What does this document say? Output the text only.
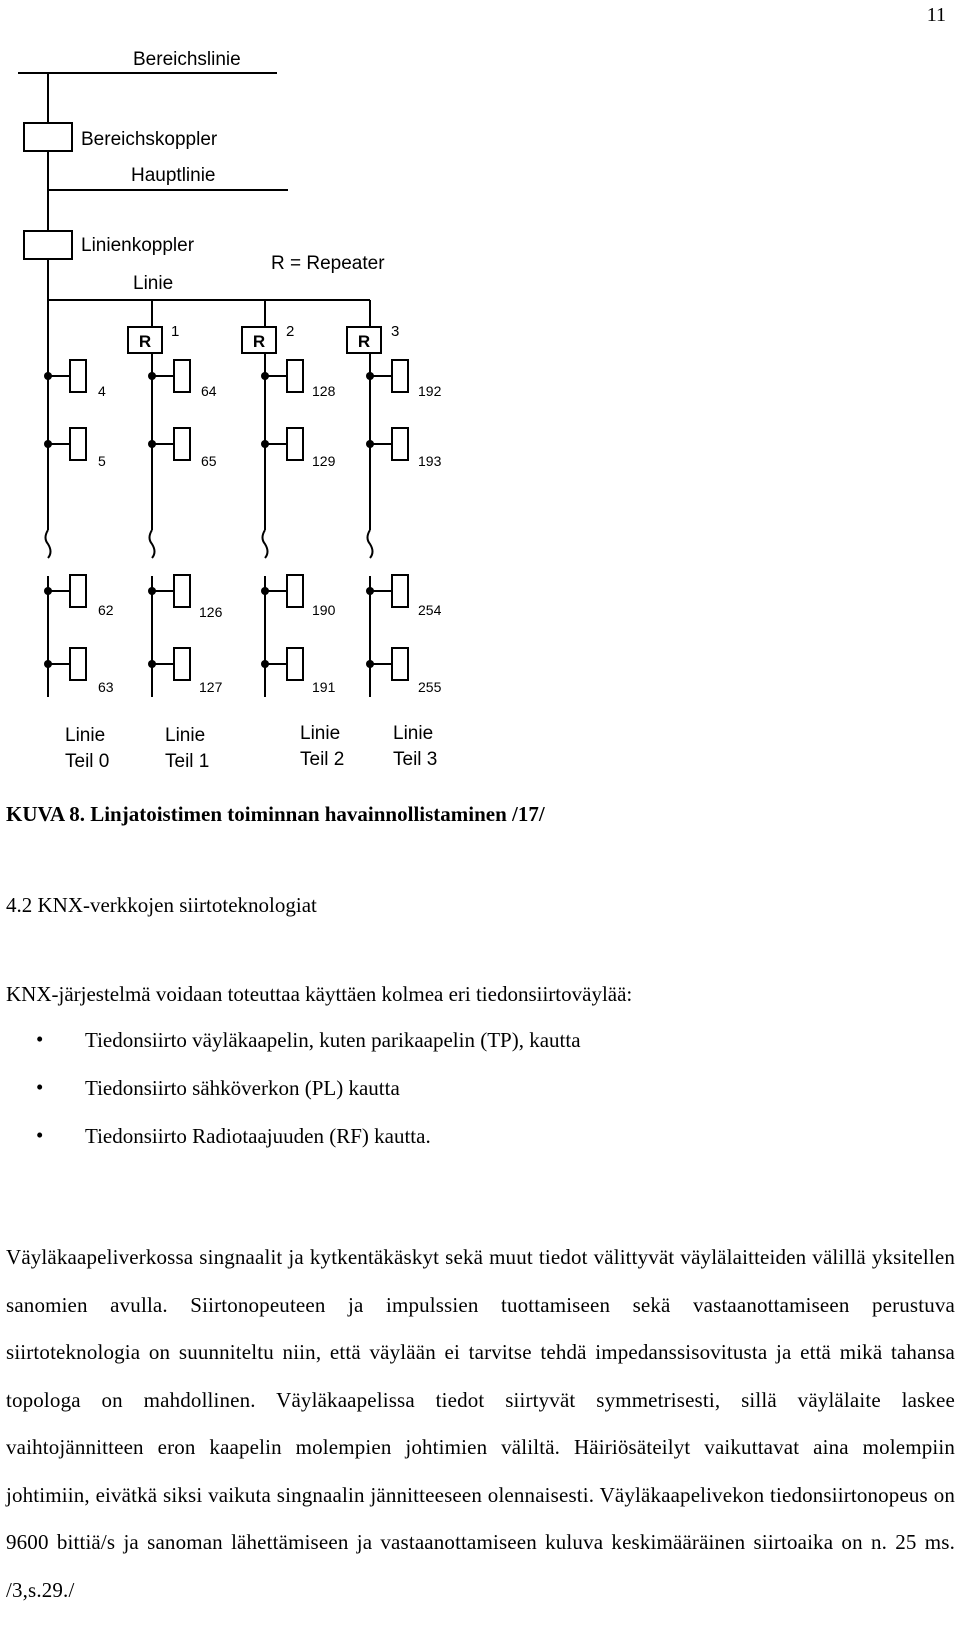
11
R	R	R
1	2	3
Bereichslinie
Bereichskoppler
Hauptlinie
Linienkoppler
R = Repeater
Linie
4
5
62
63
64
65
126
127
128
129
190
191
192
193
254
255
Linie
Teil 0
Linie
Teil 1
Linie
Teil 2
Linie
Teil 3
KUVA 8. Linjatoistimen toiminnan havainnollistaminen /17/
4.2 KNX-verkkojen siirtoteknologiat
KNX-järjestelmä voidaan toteuttaa käyttäen kolmea eri tiedonsiirtoväylää:
• Tiedonsiirto väyläkaapelin, kuten parikaapelin (TP), kautta
• Tiedonsiirto sähköverkon (PL) kautta
• Tiedonsiirto Radiotaajuuden (RF) kautta.
Väyläkaapeliverkossa singnaalit ja kytkentäkäskyt sekä muut tiedot välittyvät väylälaitteiden välillä yksitellen sanomien avulla. Siirtonopeuteen ja impulssien tuottamiseen sekä vastaanottamiseen perustuva siirtoteknologia on suunniteltu niin, että väylään ei tarvitse tehdä impedanssisovitusta ja että mikä tahansa topologa on mahdollinen. Väyläkaapelissa tiedot siirtyvät symmetrisesti, sillä väylälaite laskee vaihtojännitteen eron kaapelin molempien johtimien väliltä. Häiriösäteilyt vaikuttavat aina molempiin johtimiin, eivätkä siksi vaikuta singnaalin jännitteeseen olennaisesti. Väyläkaapelivekon tiedonsiirtonopeus on 9600 bittiä/s ja sanoman lähettämiseen ja vastaanottamiseen kuluva keskimääräinen siirtoaika on n. 25 ms. /3,s.29./
